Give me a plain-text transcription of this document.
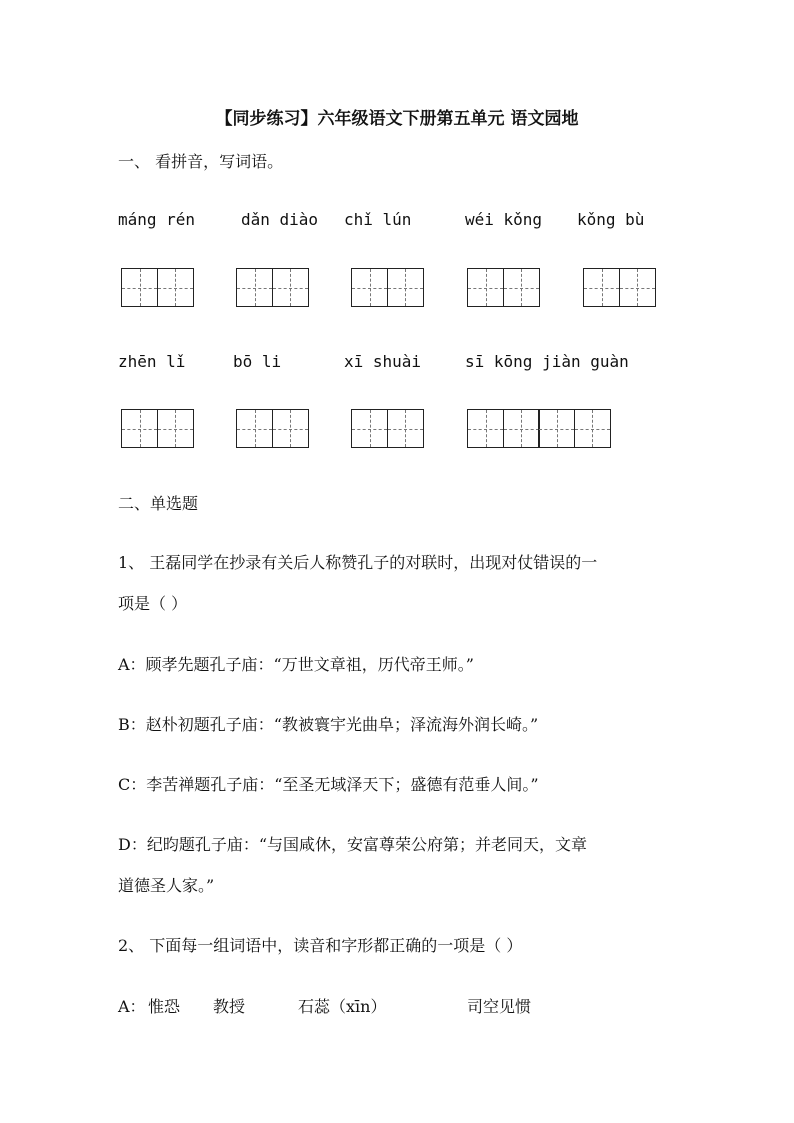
【同步练习】六年级语文下册第五单元 语文园地
一、 看拼音，写词语。
máng rén	dǎn diào chǐ lún	wéi kǒng kǒng bù
zhēn lǐ	bō li	xī shuài	sī kōng jiàn guàn
二、单选题
1、 王磊同学在抄录有关后人称赞孔子的对联时，出现对仗错误的一
项是（ ）
A：顾孝先题孔子庙：“万世文章祖，历代帝王师。”
B：赵朴初题孔子庙：“教被寰宇光曲阜；泽流海外润长崎。”
C：李苦禅题孔子庙：“至圣无域泽天下；盛德有范垂人间。”
D：纪昀题孔子庙：“与国咸休，安富尊荣公府第；并老同天，文章
道德圣人家。”
2、 下面每一组词语中，读音和字形都正确的一项是（ ）
A： 惟恐 教授	石蕊（xīn）	司空见惯
